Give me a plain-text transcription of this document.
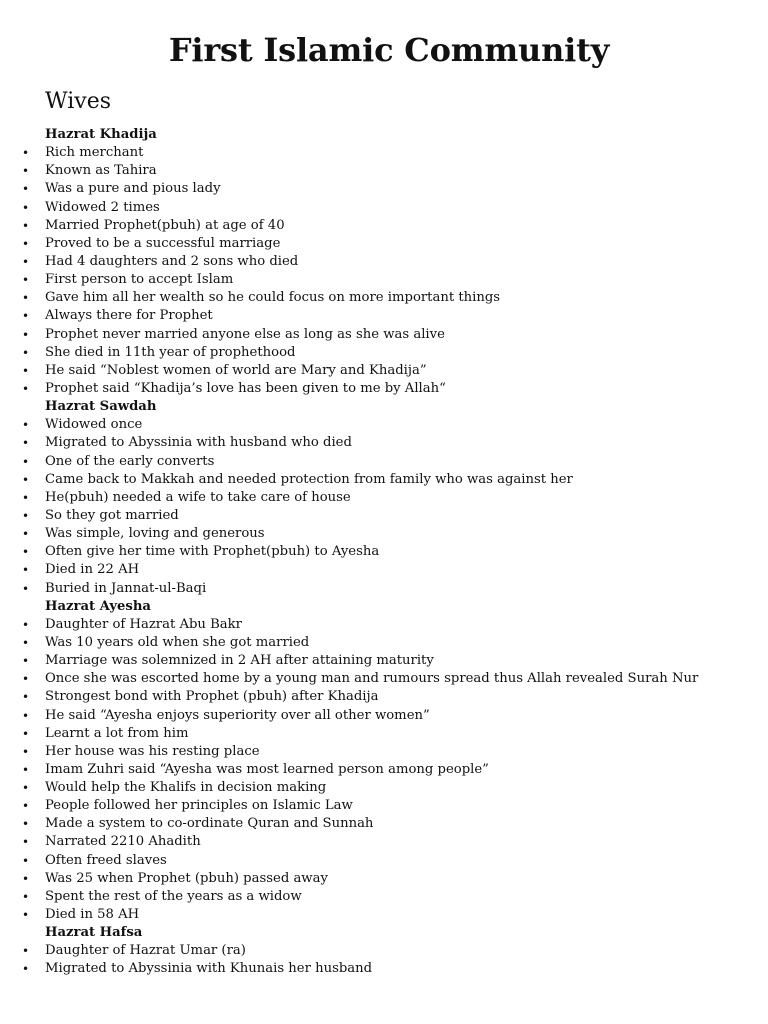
First Islamic Community
Wives
Hazrat Khadija
• Rich merchant
• Known as Tahira
• Was a pure and pious lady
• Widowed 2 times
• Married Prophet(pbuh) at age of 40
• Proved to be a successful marriage
• Had 4 daughters and 2 sons who died
• First person to accept Islam
• Gave him all her wealth so he could focus on more important things
• Always there for Prophet
• Prophet never married anyone else as long as she was alive
• She died in 11th year of prophethood
• He said “Noblest women of world are Mary and Khadija”
• Prophet said “Khadija’s love has been given to me by Allah“
Hazrat Sawdah
• Widowed once
• Migrated to Abyssinia with husband who died
• One of the early converts
• Came back to Makkah and needed protection from family who was against her
• He(pbuh) needed a wife to take care of house
• So they got married
• Was simple, loving and generous
• Often give her time with Prophet(pbuh) to Ayesha
• Died in 22 AH
• Buried in Jannat-ul-Baqi
Hazrat Ayesha
• Daughter of Hazrat Abu Bakr
• Was 10 years old when she got married
• Marriage was solemnized in 2 AH after attaining maturity
• Once she was escorted home by a young man and rumours spread thus Allah revealed Surah Nur
• Strongest bond with Prophet (pbuh) after Khadija
• He said “Ayesha enjoys superiority over all other women”
• Learnt a lot from him
• Her house was his resting place
• Imam Zuhri said “Ayesha was most learned person among people”
• Would help the Khalifs in decision making
• People followed her principles on Islamic Law
• Made a system to co-ordinate Quran and Sunnah
• Narrated 2210 Ahadith
• Often freed slaves
• Was 25 when Prophet (pbuh) passed away
• Spent the rest of the years as a widow
• Died in 58 AH
Hazrat Hafsa
• Daughter of Hazrat Umar (ra)
• Migrated to Abyssinia with Khunais her husband
